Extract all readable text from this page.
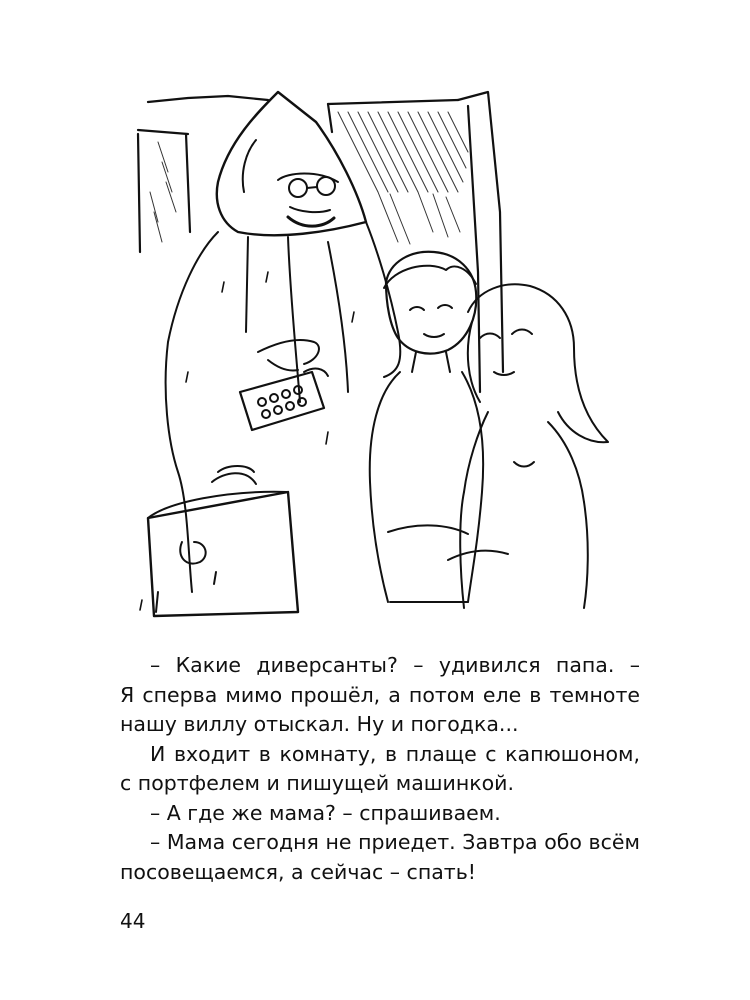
– Какие диверсанты? – удивился папа. –
Я сперва мимо прошёл, а потом еле в темноте
нашу виллу отыскал. Ну и погодка...

И входит в комнату, в плаще с капюшоном,
с портфелем и пишущей машинкой.

– А где же мама? – спрашиваем.

– Мама сегодня не приедет. Завтра обо всём
посовещаемся, а сейчас – спать!

44
